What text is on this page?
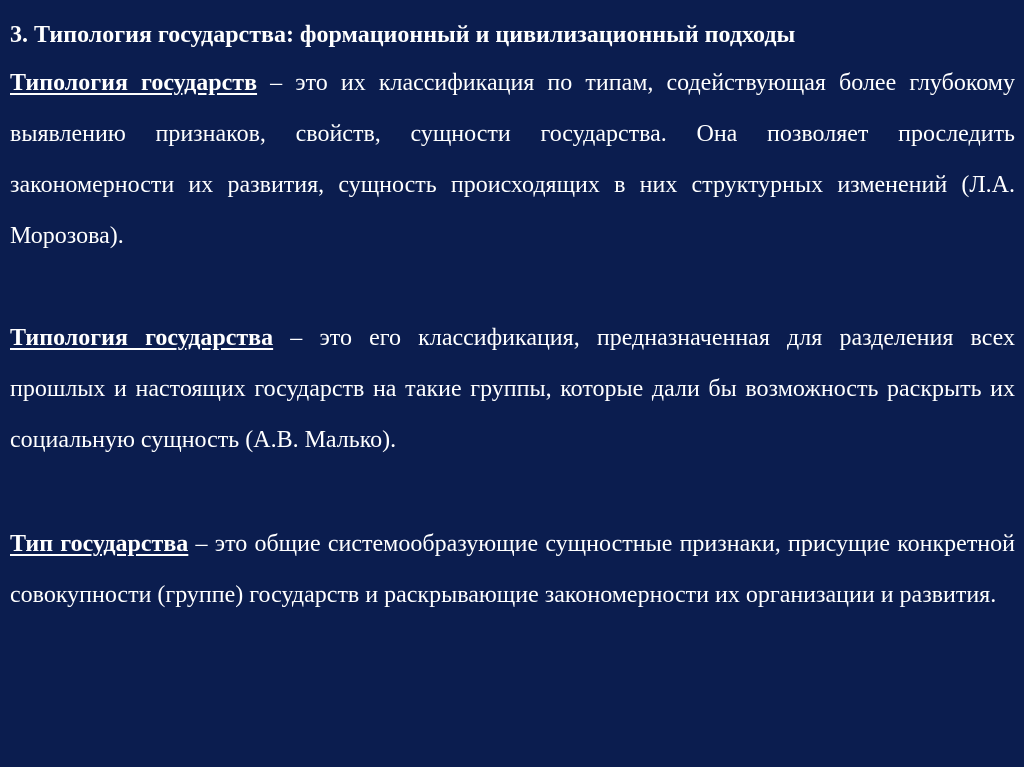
3. Типология государства: формационный и цивилизационный подходы

Типология государств – это их классификация по типам, содействующая более глубокому выявлению признаков, свойств, сущности государства. Она позволяет проследить закономерности их развития, сущность происходящих в них структурных изменений (Л.А. Морозова).

Типология государства – это его классификация, предназначенная для разделения всех прошлых и настоящих государств на такие группы, которые дали бы возможность раскрыть их социальную сущность (А.В. Малько).

Тип государства – это общие системообразующие сущностные признаки, присущие конкретной совокупности (группе) государств и раскрывающие закономерности их организации и развития.
